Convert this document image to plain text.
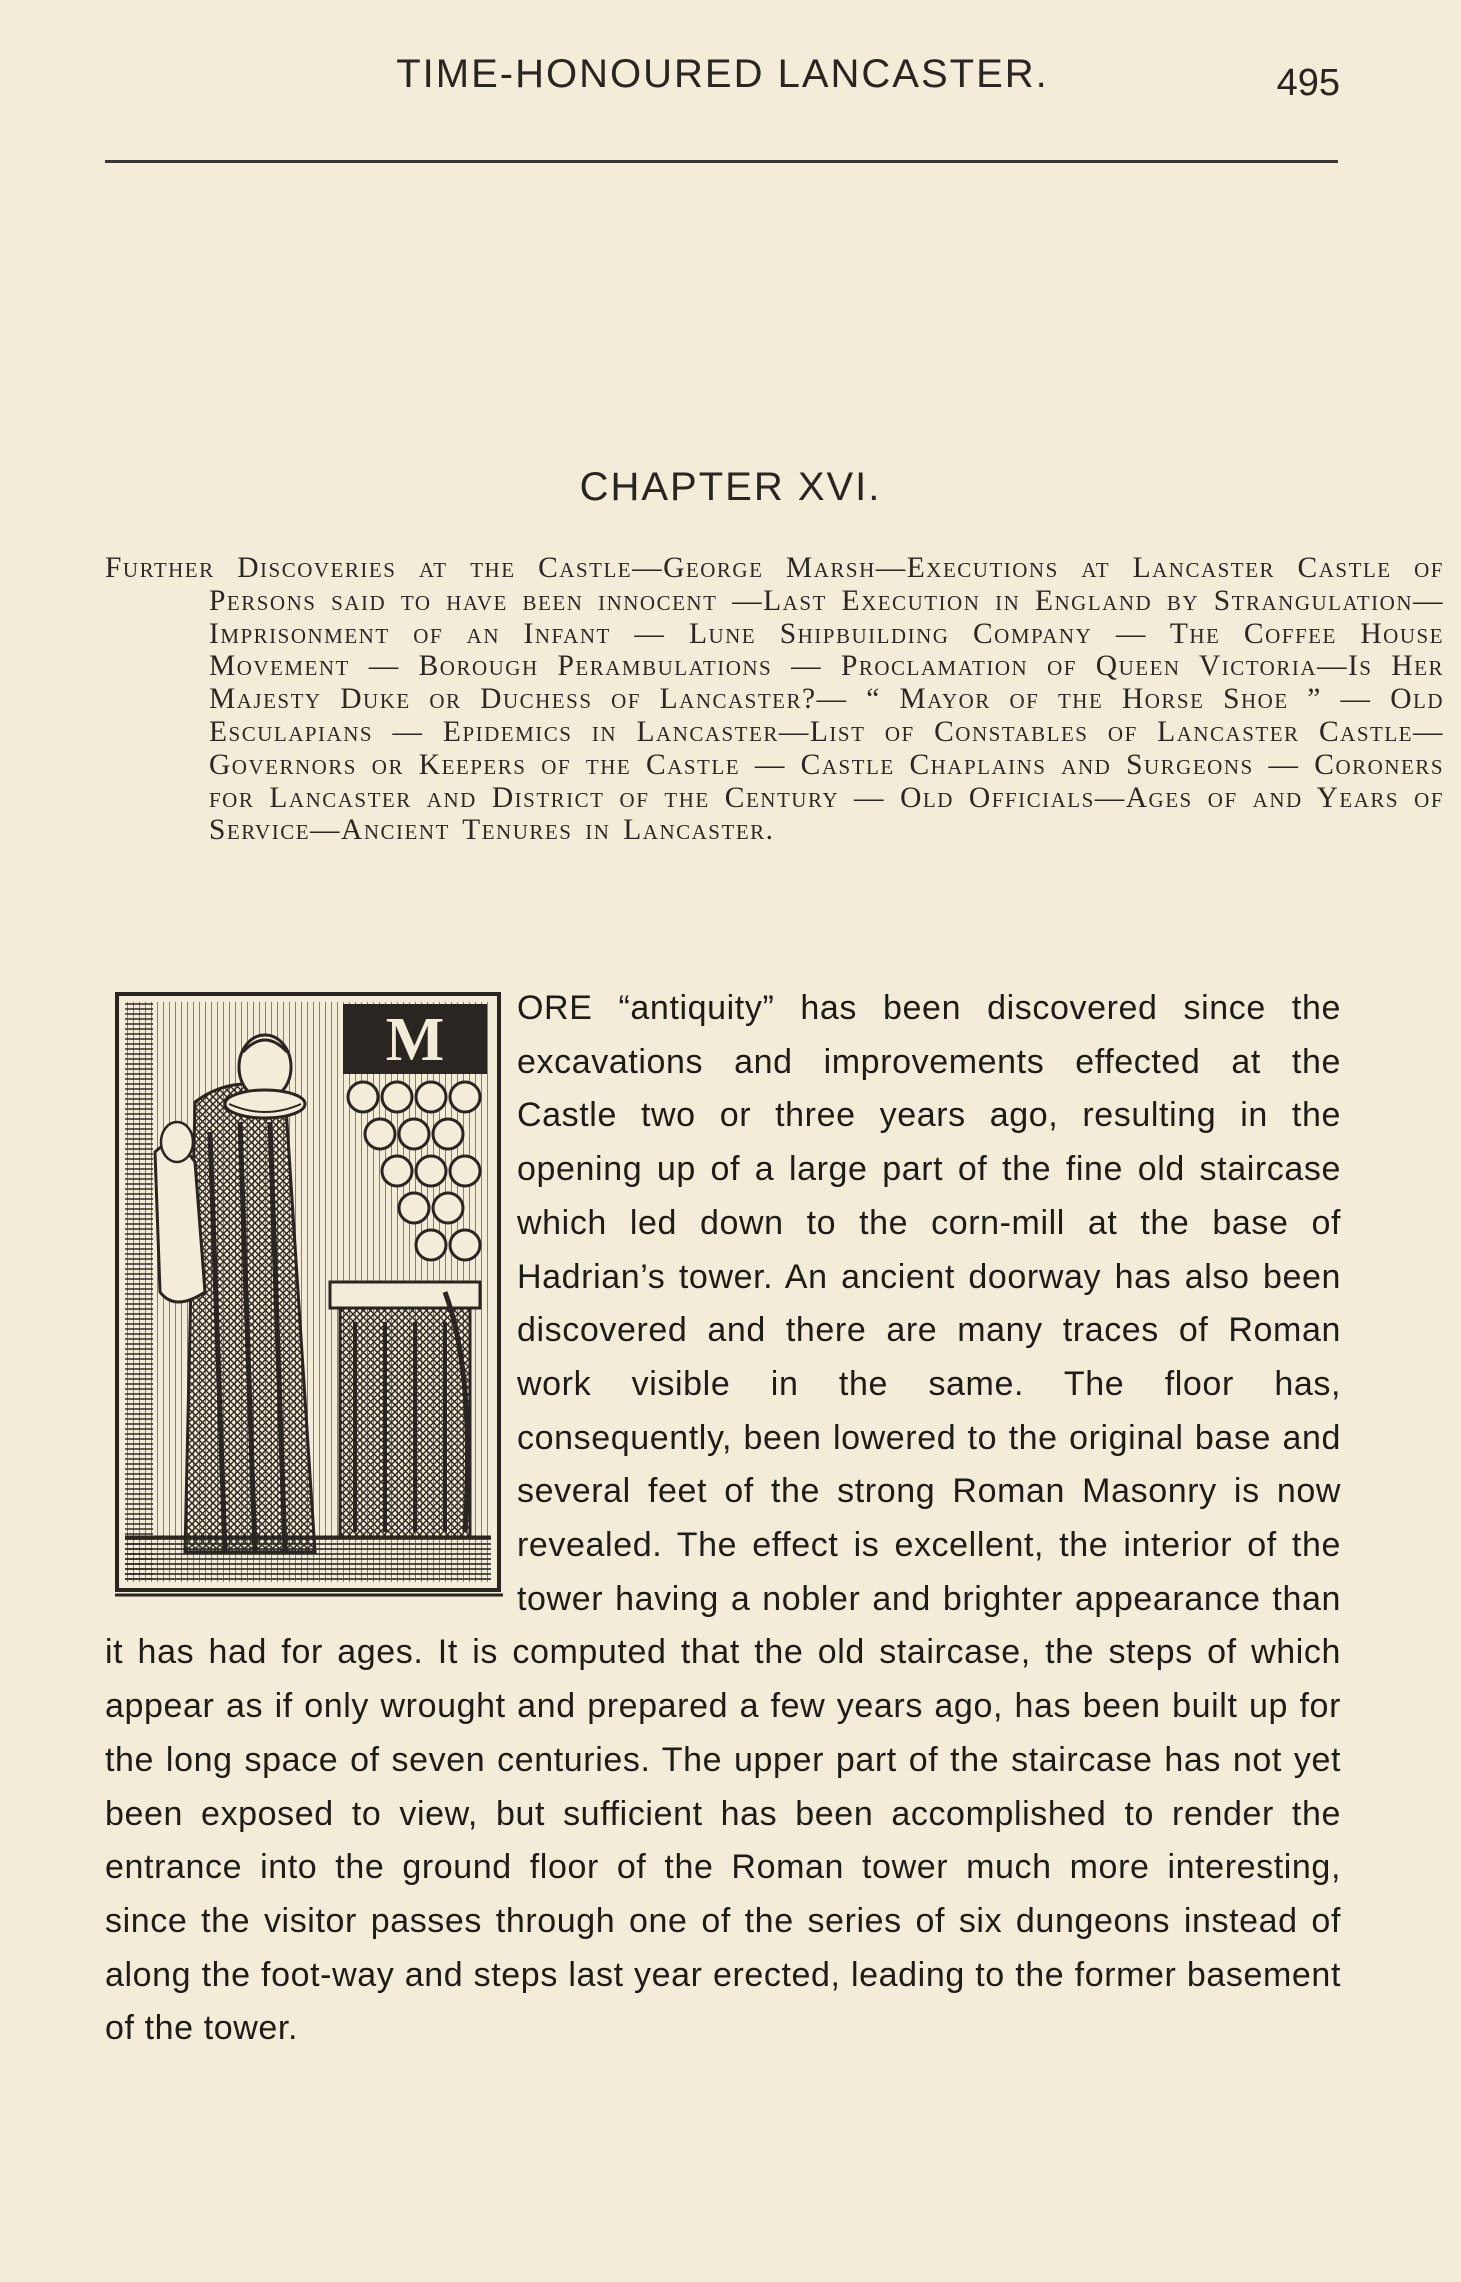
TIME-HONOURED LANCASTER.	495
CHAPTER XVI.
Further Discoveries at the Castle—George Marsh—Executions at Lancaster Castle of Persons said to have been innocent —Last Execution in England by Strangulation—Imprisonment of an Infant — Lune Shipbuilding Company — The Coffee House Movement — Borough Perambulations — Proclamation of Queen Victoria—Is Her Majesty Duke or Duchess of Lancaster?— “ Mayor of the Horse Shoe ” — Old Esculapians — Epidemics in Lancaster—List of Constables of Lancaster Castle—Governors or Keepers of the Castle — Castle Chaplains and Surgeons — Coroners for Lancaster and District of the Century — Old Officials—Ages of and Years of Service—Ancient Tenures in Lancaster.
M	ORE “antiquity” has been discovered since the excavations and improvements effected at the Castle two or three years ago, resulting in the opening up of a large part of the fine old staircase which led down to the corn-mill at the base of Hadrian’s tower. An ancient doorway has also been discovered and there are many traces of Roman work visible in the same. The floor has, consequently, been lowered to the original base and several feet of the strong Roman Masonry is now revealed. The effect is excellent, the interior of the tower having a nobler and brighter appearance than it has had for ages. It is computed that the old staircase, the steps of which appear as if only wrought and prepared a few years ago, has been built up for the long space of seven centuries. The upper part of the staircase has not yet been exposed to view, but sufficient has been accomplished to render the entrance into the ground floor of the Roman tower much more interesting, since the visitor passes through one of the series of six dungeons instead of along the foot-way and steps last year erected, leading to the former basement of the tower.
